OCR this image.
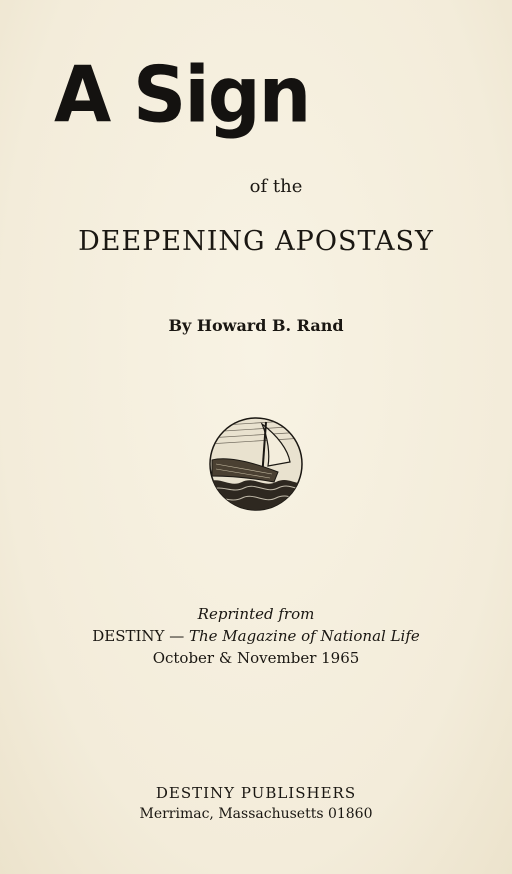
A Sign
of the
DEEPENING APOSTASY
By Howard B. Rand
Reprinted from
DESTINY — The Magazine of National Life
October & November 1965
DESTINY PUBLISHERS
Merrimac, Massachusetts 01860
